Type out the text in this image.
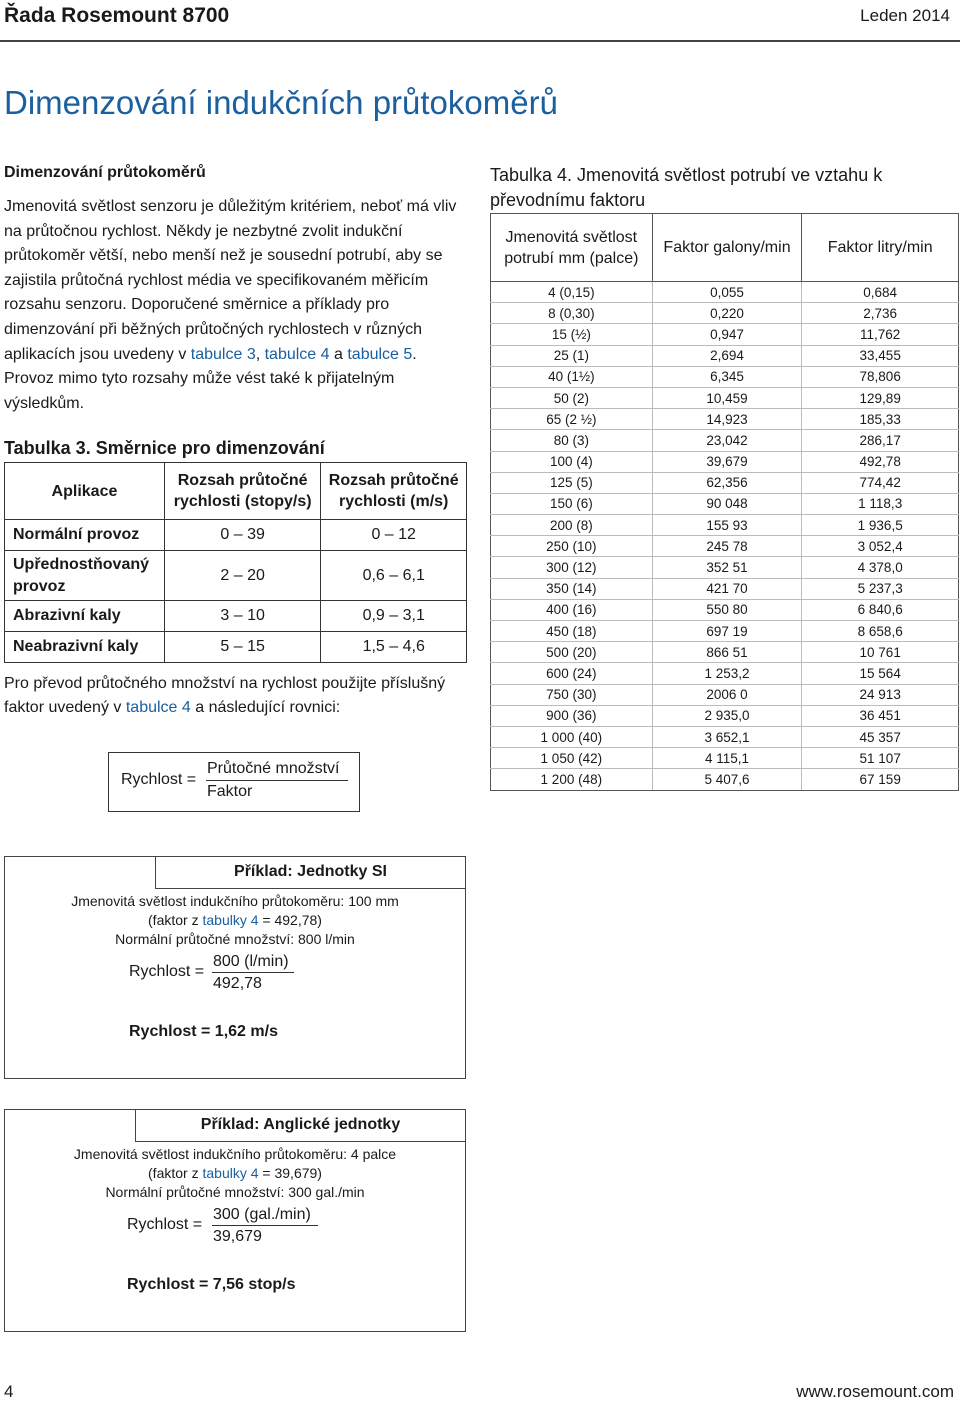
Řada Rosemount 8700	Leden 2014
Dimenzování indukčních průtokoměrů
Dimenzování průtokoměrů
Jmenovitá světlost senzoru je důležitým kritériem, neboť má vliv na průtočnou rychlost. Někdy je nezbytné zvolit indukční průtokoměr větší, nebo menší než je sousední potrubí, aby se zajistila průtočná rychlost média ve specifikovaném měřicím rozsahu senzoru. Doporučené směrnice a příklady pro dimenzování při běžných průtočných rychlostech v různých aplikacích jsou uvedeny v tabulce 3, tabulce 4 a tabulce 5. Provoz mimo tyto rozsahy může vést také k přijatelným výsledkům.
Tabulka 3. Směrnice pro dimenzování
Aplikace	Rozsah průtočné rychlosti (stopy/s)	Rozsah průtočné rychlosti (m/s)
Normální provoz	0 – 39	0 – 12
Upřednostňovaný provoz	2 – 20	0,6 – 6,1
Abrazivní kaly	3 – 10	0,9 – 3,1
Neabrazivní kaly	5 – 15	1,5 – 4,6
Pro převod průtočného množství na rychlost použijte příslušný faktor uvedený v tabulce 4 a následující rovnici:
Rychlost =
Průtočné množství
Faktor
Tabulka 4. Jmenovitá světlost potrubí ve vztahu k převodnímu faktoru
Jmenovitá světlost potrubí mm (palce)	Faktor galony/min	Faktor litry/min
4 (0,15)	0,055	0,684
8 (0,30)	0,220	2,736
15 (½)	0,947	11,762
25 (1)	2,694	33,455
40 (1½)	6,345	78,806
50 (2)	10,459	129,89
65 (2 ½)	14,923	185,33
80 (3)	23,042	286,17
100 (4)	39,679	492,78
125 (5)	62,356	774,42
150 (6)	90 048	1 118,3
200 (8)	155 93	1 936,5
250 (10)	245 78	3 052,4
300 (12)	352 51	4 378,0
350 (14)	421 70	5 237,3
400 (16)	550 80	6 840,6
450 (18)	697 19	8 658,6
500 (20)	866 51	10 761
600 (24)	1 253,2	15 564
750 (30)	2006 0	24 913
900 (36)	2 935,0	36 451
1 000 (40)	3 652,1	45 357
1 050 (42)	4 115,1	51 107
1 200 (48)	5 407,6	67 159
Příklad: Jednotky SI
Jmenovitá světlost indukčního průtokoměru: 100 mm
(faktor z tabulky 4 = 492,78)
Normální průtočné množství: 800 l/min
Rychlost =
800 (l/min)
492,78
Rychlost = 1,62 m/s
Příklad: Anglické jednotky
Jmenovitá světlost indukčního průtokoměru: 4 palce
(faktor z tabulky 4 = 39,679)
Normální průtočné množství: 300 gal./min
Rychlost =
300 (gal./min)
39,679
Rychlost = 7,56 stop/s
4	www.rosemount.com
